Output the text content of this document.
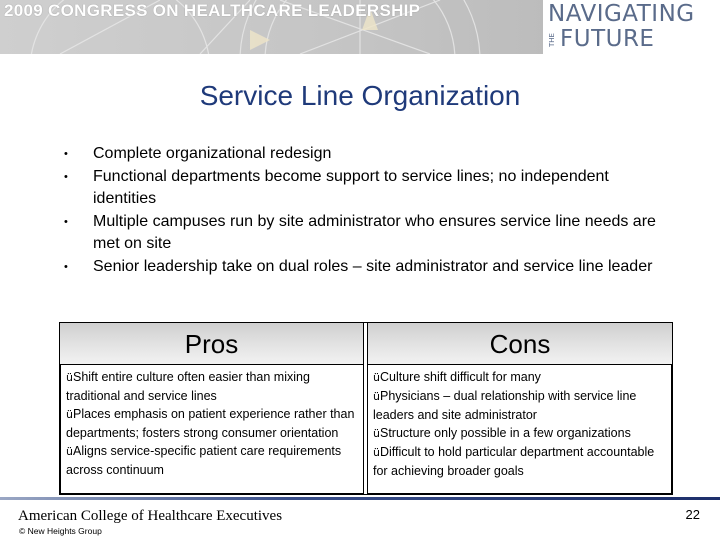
2009 CONGRESS ON HEALTHCARE LEADERSHIP	NAVIGATING
THE FUTURE
Service Line Organization
• Complete organizational redesign
• Functional departments become support to service lines; no independent identities
• Multiple campuses run by site administrator who ensures service line needs are met on site
• Senior leadership take on dual roles – site administrator and service line leader
Pros	Cons

üShift entire culture often easier than mixing traditional and service lines

üPlaces emphasis on patient experience rather than departments; fosters strong consumer orientation

üAligns service-specific patient care requirements across continuum

üCulture shift difficult for many

üPhysicians – dual relationship with service line leaders and site administrator

üStructure only possible in a few organizations

üDifficult to hold particular department accountable for achieving broader goals

American College of Healthcare Executives
© New Heights Group
22
